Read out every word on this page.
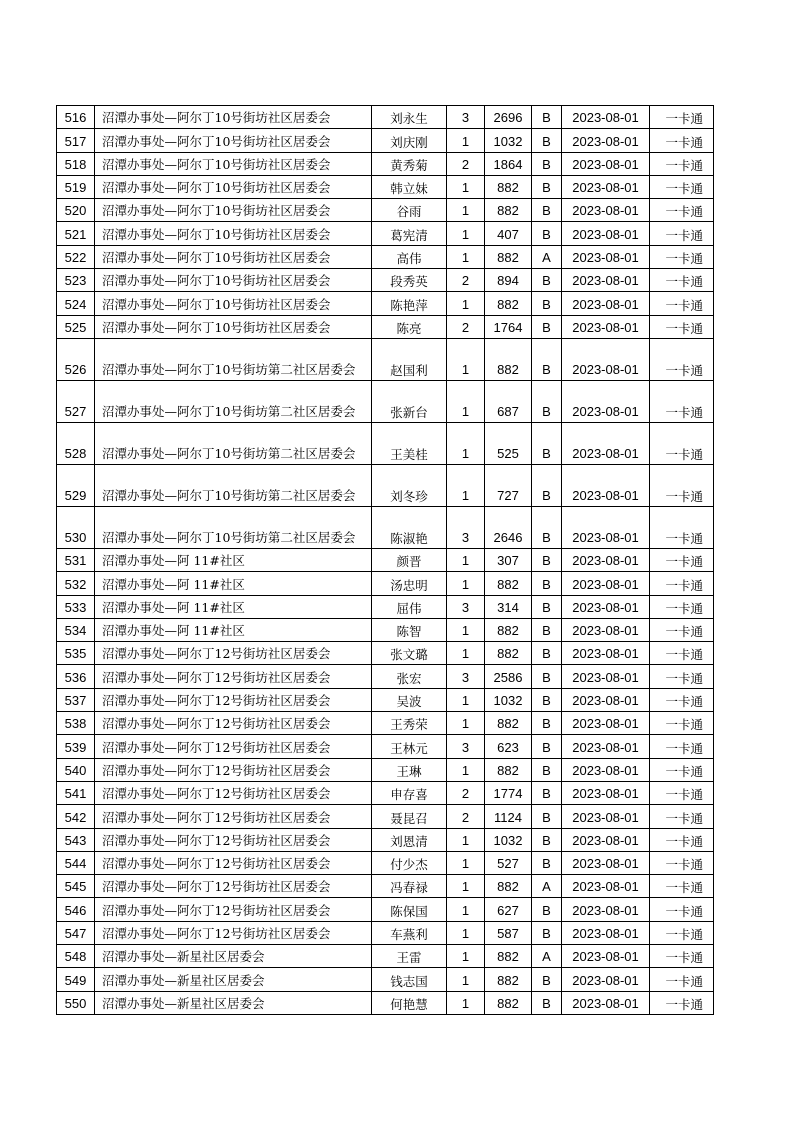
516	沼潭办事处—阿尔丁10号街坊社区居委会	刘永生	3	2696	B	2023-08-01	一卡通
517	沼潭办事处—阿尔丁10号街坊社区居委会	刘庆刚	1	1032	B	2023-08-01	一卡通
518	沼潭办事处—阿尔丁10号街坊社区居委会	黄秀菊	2	1864	B	2023-08-01	一卡通
519	沼潭办事处—阿尔丁10号街坊社区居委会	韩立妹	1	882	B	2023-08-01	一卡通
520	沼潭办事处—阿尔丁10号街坊社区居委会	谷雨	1	882	B	2023-08-01	一卡通
521	沼潭办事处—阿尔丁10号街坊社区居委会	葛宪清	1	407	B	2023-08-01	一卡通
522	沼潭办事处—阿尔丁10号街坊社区居委会	高伟	1	882	A	2023-08-01	一卡通
523	沼潭办事处—阿尔丁10号街坊社区居委会	段秀英	2	894	B	2023-08-01	一卡通
524	沼潭办事处—阿尔丁10号街坊社区居委会	陈艳萍	1	882	B	2023-08-01	一卡通
525	沼潭办事处—阿尔丁10号街坊社区居委会	陈亮	2	1764	B	2023-08-01	一卡通
526	沼潭办事处—阿尔丁10号街坊第二社区居委会	赵国利	1	882	B	2023-08-01	一卡通
527	沼潭办事处—阿尔丁10号街坊第二社区居委会	张新台	1	687	B	2023-08-01	一卡通
528	沼潭办事处—阿尔丁10号街坊第二社区居委会	王美桂	1	525	B	2023-08-01	一卡通
529	沼潭办事处—阿尔丁10号街坊第二社区居委会	刘冬珍	1	727	B	2023-08-01	一卡通
530	沼潭办事处—阿尔丁10号街坊第二社区居委会	陈淑艳	3	2646	B	2023-08-01	一卡通
531	沼潭办事处—阿 11#社区	颜晋	1	307	B	2023-08-01	一卡通
532	沼潭办事处—阿 11#社区	汤忠明	1	882	B	2023-08-01	一卡通
533	沼潭办事处—阿 11#社区	屈伟	3	314	B	2023-08-01	一卡通
534	沼潭办事处—阿 11#社区	陈智	1	882	B	2023-08-01	一卡通
535	沼潭办事处—阿尔丁12号街坊社区居委会	张文璐	1	882	B	2023-08-01	一卡通
536	沼潭办事处—阿尔丁12号街坊社区居委会	张宏	3	2586	B	2023-08-01	一卡通
537	沼潭办事处—阿尔丁12号街坊社区居委会	吴波	1	1032	B	2023-08-01	一卡通
538	沼潭办事处—阿尔丁12号街坊社区居委会	王秀荣	1	882	B	2023-08-01	一卡通
539	沼潭办事处—阿尔丁12号街坊社区居委会	王林元	3	623	B	2023-08-01	一卡通
540	沼潭办事处—阿尔丁12号街坊社区居委会	王琳	1	882	B	2023-08-01	一卡通
541	沼潭办事处—阿尔丁12号街坊社区居委会	申存喜	2	1774	B	2023-08-01	一卡通
542	沼潭办事处—阿尔丁12号街坊社区居委会	聂昆召	2	1124	B	2023-08-01	一卡通
543	沼潭办事处—阿尔丁12号街坊社区居委会	刘恩清	1	1032	B	2023-08-01	一卡通
544	沼潭办事处—阿尔丁12号街坊社区居委会	付少杰	1	527	B	2023-08-01	一卡通
545	沼潭办事处—阿尔丁12号街坊社区居委会	冯春禄	1	882	A	2023-08-01	一卡通
546	沼潭办事处—阿尔丁12号街坊社区居委会	陈保国	1	627	B	2023-08-01	一卡通
547	沼潭办事处—阿尔丁12号街坊社区居委会	车燕利	1	587	B	2023-08-01	一卡通
548	沼潭办事处—新星社区居委会	王雷	1	882	A	2023-08-01	一卡通
549	沼潭办事处—新星社区居委会	钱志国	1	882	B	2023-08-01	一卡通
550	沼潭办事处—新星社区居委会	何艳慧	1	882	B	2023-08-01	一卡通
